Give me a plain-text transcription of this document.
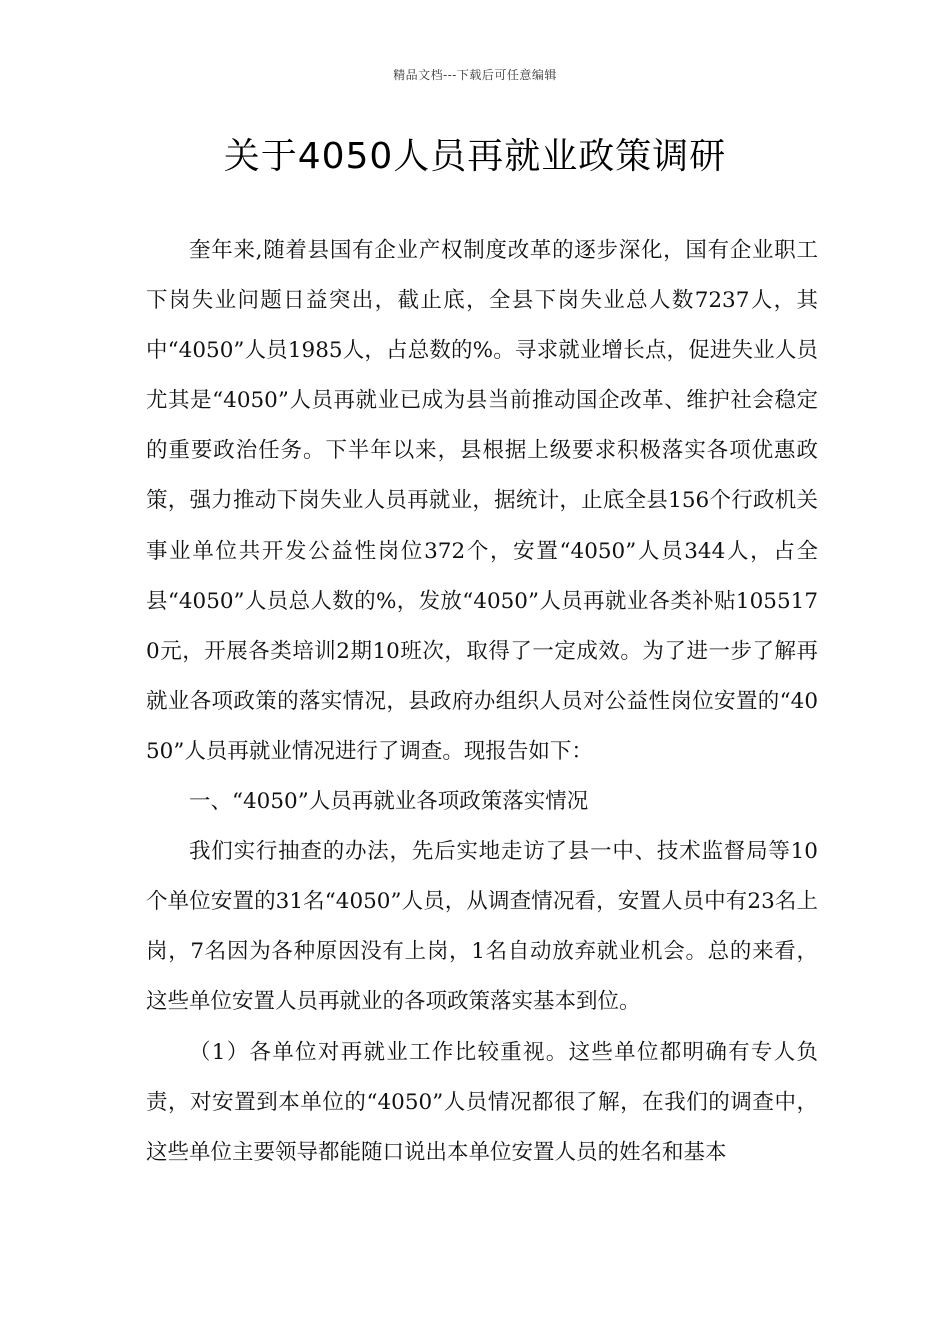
精品文档---下载后可任意编辑
关于4050人员再就业政策调研

奎年来,随着县国有企业产权制度改革的逐步深化，国有企业职工下岗失业问题日益突出，截止底，全县下岗失业总人数7237人，其中“4050”人员1985人，占总数的%。寻求就业增长点，促进失业人员尤其是“4050”人员再就业已成为县当前推动国企改革、维护社会稳定的重要政治任务。下半年以来，县根据上级要求积极落实各项优惠政策，强力推动下岗失业人员再就业，据统计，止底全县156个行政机关事业单位共开发公益性岗位372个，安置“4050”人员344人，占全县“4050”人员总人数的%，发放“4050”人员再就业各类补贴1055170元，开展各类培训2期10班次，取得了一定成效。为了进一步了解再就业各项政策的落实情况，县政府办组织人员对公益性岗位安置的“4050”人员再就业情况进行了调查。现报告如下：

一、“4050”人员再就业各项政策落实情况

我们实行抽查的办法，先后实地走访了县一中、技术监督局等10个单位安置的31名“4050”人员，从调查情况看，安置人员中有23名上岗，7名因为各种原因没有上岗，1名自动放弃就业机会。总的来看，这些单位安置人员再就业的各项政策落实基本到位。

（1）各单位对再就业工作比较重视。这些单位都明确有专人负责，对安置到本单位的“4050”人员情况都很了解，在我们的调查中，这些单位主要领导都能随口说出本单位安置人员的姓名和基本
